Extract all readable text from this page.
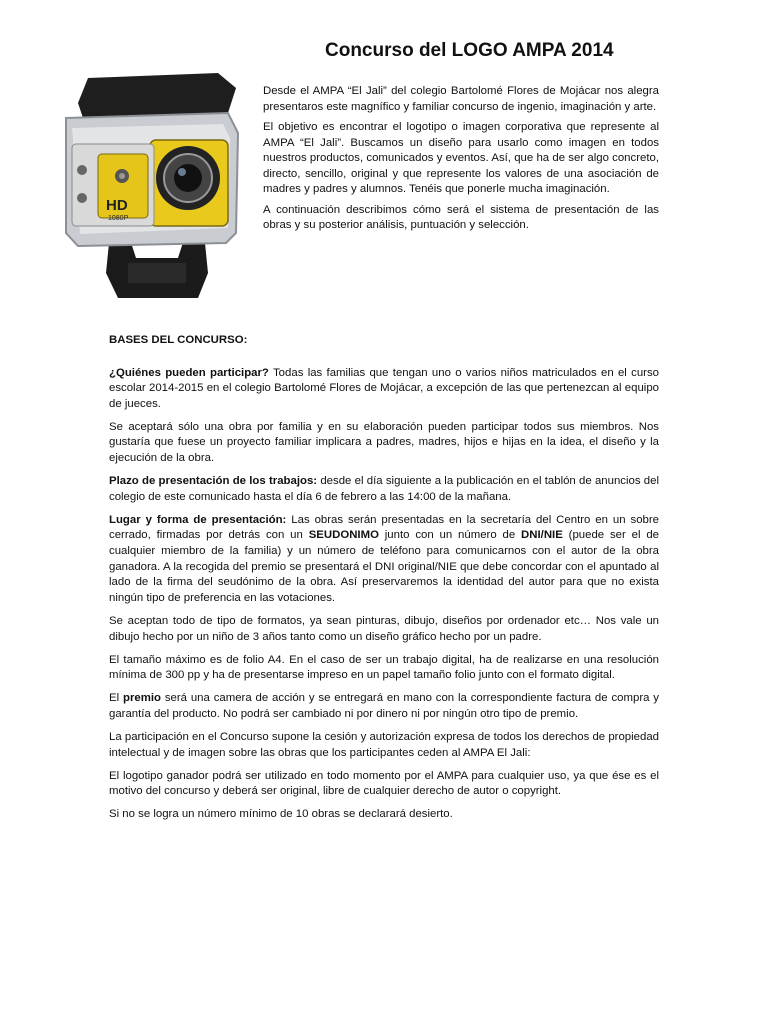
HD
1080P
Concurso del LOGO AMPA 2014

Desde el AMPA “El Jali” del colegio Bartolomé Flores de Mojácar nos alegra presentaros este magnífico y familiar concurso de ingenio, imaginación y arte.

El objetivo es encontrar el logotipo o imagen corporativa que represente al AMPA “El Jali”. Buscamos un diseño para usarlo como imagen en todos nuestros productos, comunicados y eventos. Así, que ha de ser algo concreto, directo, sencillo, original y que represente los valores de una asociación de madres y padres y alumnos. Tenéis que ponerle mucha imaginación.

A continuación describimos cómo será el sistema de presentación de las obras y su posterior análisis, puntuación y selección.

BASES DEL CONCURSO:

¿Quiénes pueden participar? Todas las familias que tengan uno o varios niños matriculados en el curso escolar 2014-2015 en el colegio Bartolomé Flores de Mojácar, a excepción de las que pertenezcan al equipo de jueces.

Se aceptará sólo una obra por familia y en su elaboración pueden participar todos sus miembros. Nos gustaría que fuese un proyecto familiar implicara a padres, madres, hijos e hijas en la idea, el diseño y la ejecución de la obra.

Plazo de presentación de los trabajos: desde el día siguiente a la publicación en el tablón de anuncios del colegio de este comunicado hasta el día 6 de febrero a las 14:00 de la mañana.

Lugar y forma de presentación: Las obras serán presentadas en la secretaría del Centro en un sobre cerrado, firmadas por detrás con un SEUDONIMO junto con un número de DNI/NIE (puede ser el de cualquier miembro de la familia) y un número de teléfono para comunicarnos con el autor de la obra ganadora. A la recogida del premio se presentará el DNI original/NIE que debe concordar con el apuntado al lado de la firma del seudónimo de la obra. Así preservaremos la identidad del autor para que no exista ningún tipo de preferencia en las votaciones.

Se aceptan todo de tipo de formatos, ya sean pinturas, dibujo, diseños por ordenador etc… Nos vale un dibujo hecho por un niño de 3 años tanto como un diseño gráfico hecho por un padre.

El tamaño máximo es de folio A4. En el caso de ser un trabajo digital, ha de realizarse en una resolución mínima de 300 pp y ha de presentarse impreso en un papel tamaño folio junto con el formato digital.

El premio será una camera de acción y se entregará en mano con la correspondiente factura de compra y garantía del producto. No podrá ser cambiado ni por dinero ni por ningún otro tipo de premio.

La participación en el Concurso supone la cesión y autorización expresa de todos los derechos de propiedad intelectual y de imagen sobre las obras que los participantes ceden al AMPA El Jali:

El logotipo ganador podrá ser utilizado en todo momento por el AMPA para cualquier uso, ya que ése es el motivo del concurso y deberá ser original, libre de cualquier derecho de autor o copyright.

Si no se logra un número mínimo de 10 obras se declarará desierto.
